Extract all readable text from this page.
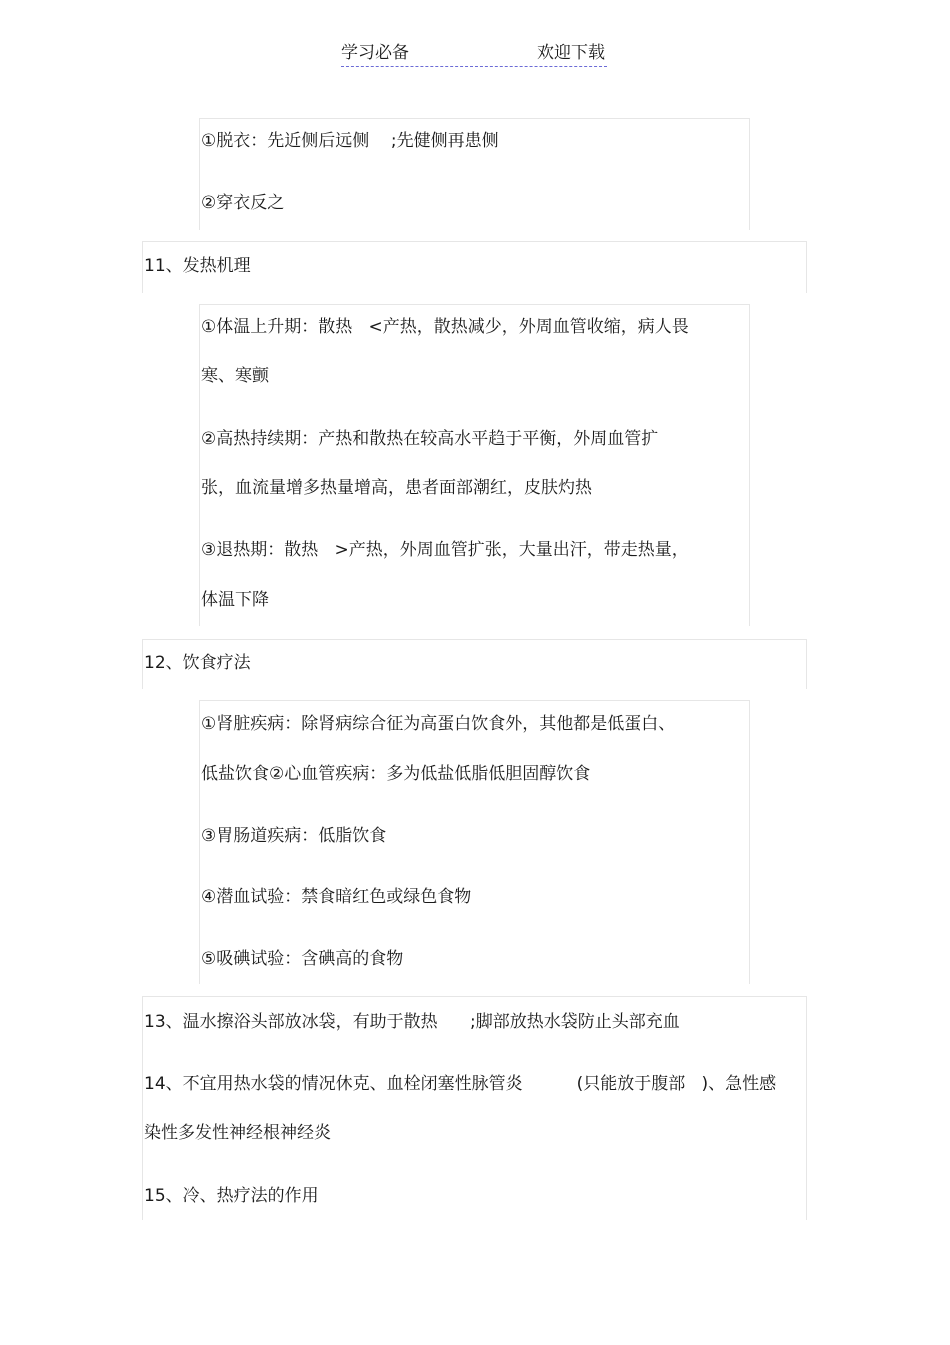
学习必备	欢迎下载
①脱衣：先近侧后远侧    ;先健侧再患侧
②穿衣反之
11、发热机理
①体温上升期：散热   <产热，散热减少，外周血管收缩，病人畏
寒、寒颤
②高热持续期：产热和散热在较高水平趋于平衡，外周血管扩
张，血流量增多热量增高，患者面部潮红，皮肤灼热
③退热期：散热   >产热，外周血管扩张，大量出汗，带走热量，
体温下降
12、饮食疗法
①肾脏疾病：除肾病综合征为高蛋白饮食外，其他都是低蛋白、
低盐饮食②心血管疾病：多为低盐低脂低胆固醇饮食
③胃肠道疾病：低脂饮食
④潜血试验：禁食暗红色或绿色食物
⑤吸碘试验：含碘高的食物
13、温水擦浴头部放冰袋，有助于散热      ;脚部放热水袋防止头部充血
14、不宜用热水袋的情况休克、血栓闭塞性脉管炎          (只能放于腹部   )、急性感
染性多发性神经根神经炎
15、冷、热疗法的作用
